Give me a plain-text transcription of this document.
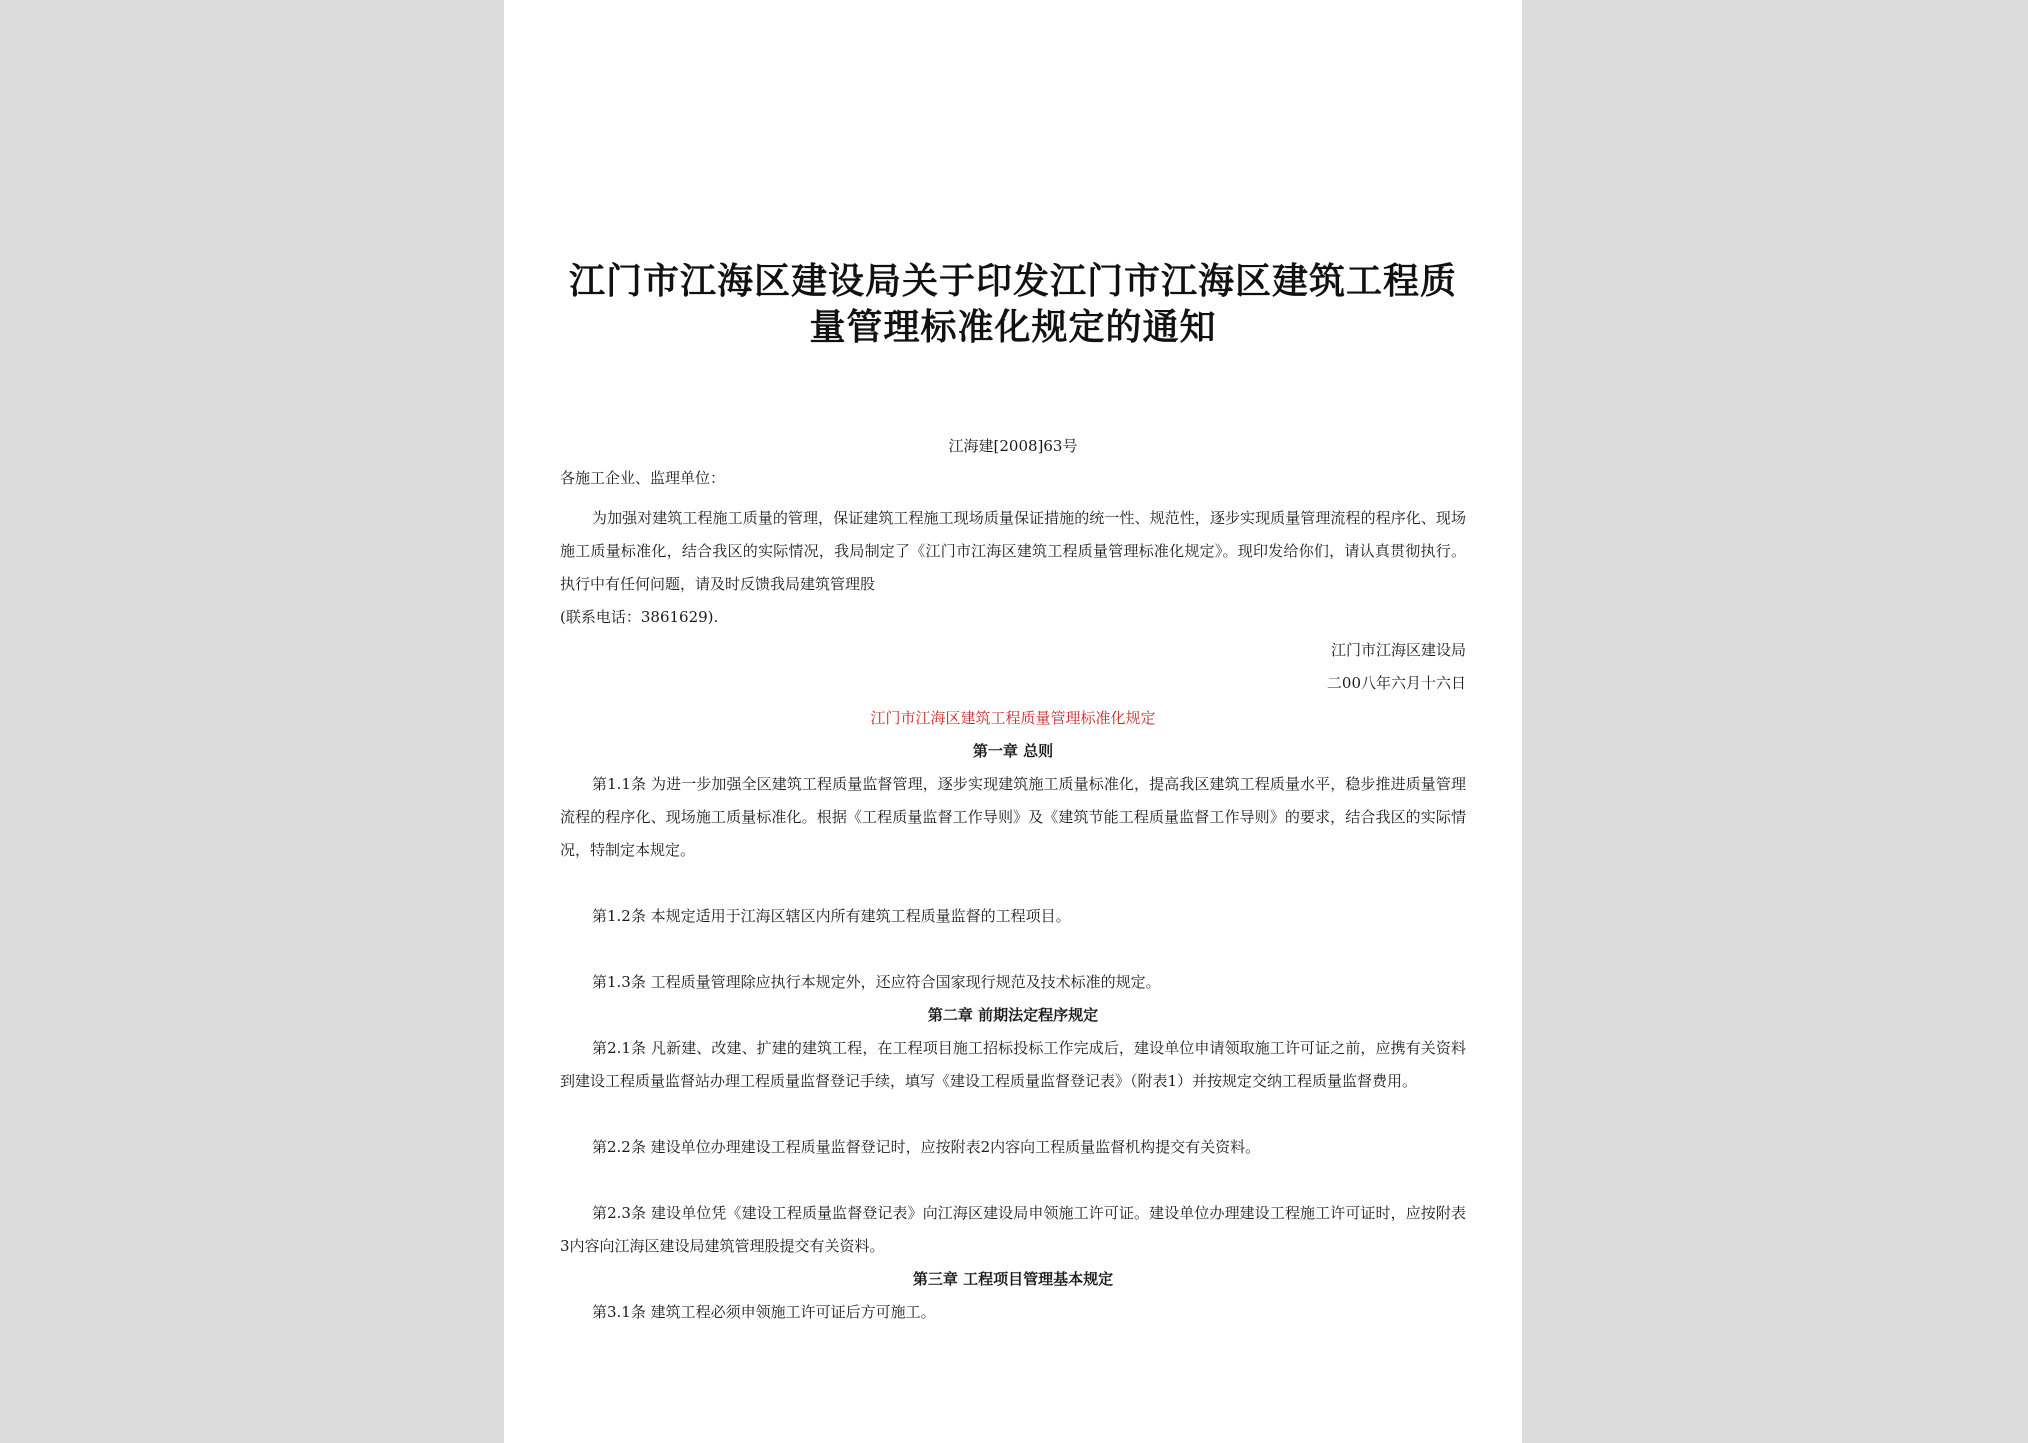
江门市江海区建设局关于印发江门市江海区建筑工程质
量管理标准化规定的通知
江海建[2008]63号
各施工企业、监理单位：
为加强对建筑工程施工质量的管理，保证建筑工程施工现场质量保证措施的统一性、规范性，逐步实现质量管理流程的程序化、现场施工质量标准化，结合我区的实际情况，我局制定了《江门市江海区建筑工程质量管理标准化规定》。现印发给你们，请认真贯彻执行。执行中有任何问题，请及时反馈我局建筑管理股
(联系电话：3861629).
江门市江海区建设局
二00八年六月十六日
江门市江海区建筑工程质量管理标准化规定
第一章 总则
第1.1条 为进一步加强全区建筑工程质量监督管理，逐步实现建筑施工质量标准化，提高我区建筑工程质量水平，稳步推进质量管理流程的程序化、现场施工质量标准化。根据《工程质量监督工作导则》及《建筑节能工程质量监督工作导则》的要求，结合我区的实际情况，特制定本规定。
第1.2条 本规定适用于江海区辖区内所有建筑工程质量监督的工程项目。
第1.3条 工程质量管理除应执行本规定外，还应符合国家现行规范及技术标准的规定。
第二章 前期法定程序规定
第2.1条 凡新建、改建、扩建的建筑工程，在工程项目施工招标投标工作完成后，建设单位申请领取施工许可证之前，应携有关资料到建设工程质量监督站办理工程质量监督登记手续，填写《建设工程质量监督登记表》（附表1）并按规定交纳工程质量监督费用。
第2.2条 建设单位办理建设工程质量监督登记时，应按附表2内容向工程质量监督机构提交有关资料。
第2.3条 建设单位凭《建设工程质量监督登记表》向江海区建设局申领施工许可证。建设单位办理建设工程施工许可证时，应按附表3内容向江海区建设局建筑管理股提交有关资料。
第三章 工程项目管理基本规定
第3.1条 建筑工程必须申领施工许可证后方可施工。
